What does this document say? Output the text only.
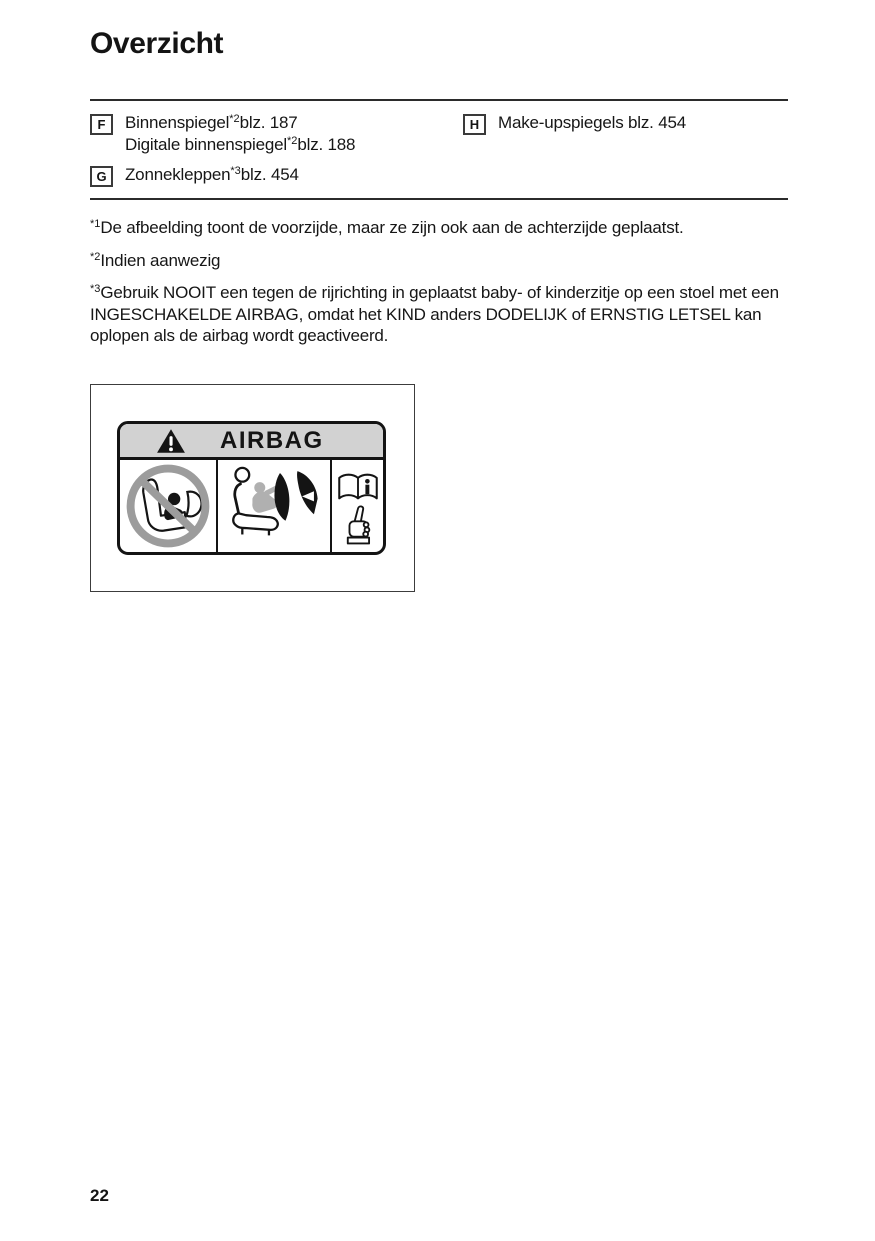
Overzicht
F	Binnenspiegel$^{*2}$blz. 187
Digitale binnenspiegel$^{*2}$blz. 188
G	Zonnekleppen$^{*3}$blz. 454
H	Make-upspiegels blz. 454

$^{*1}$De afbeelding toont de voorzijde, maar ze zijn ook aan de achterzijde geplaatst.

$^{*2}$Indien aanwezig

$^{*3}$Gebruik NOOIT een tegen de rijrichting in geplaatst baby- of kinderzitje op een stoel met een INGESCHAKELDE AIRBAG, omdat het KIND anders DODELIJK of ERNSTIG LETSEL kan oplopen als de airbag wordt geactiveerd.

AIRBAG
22
